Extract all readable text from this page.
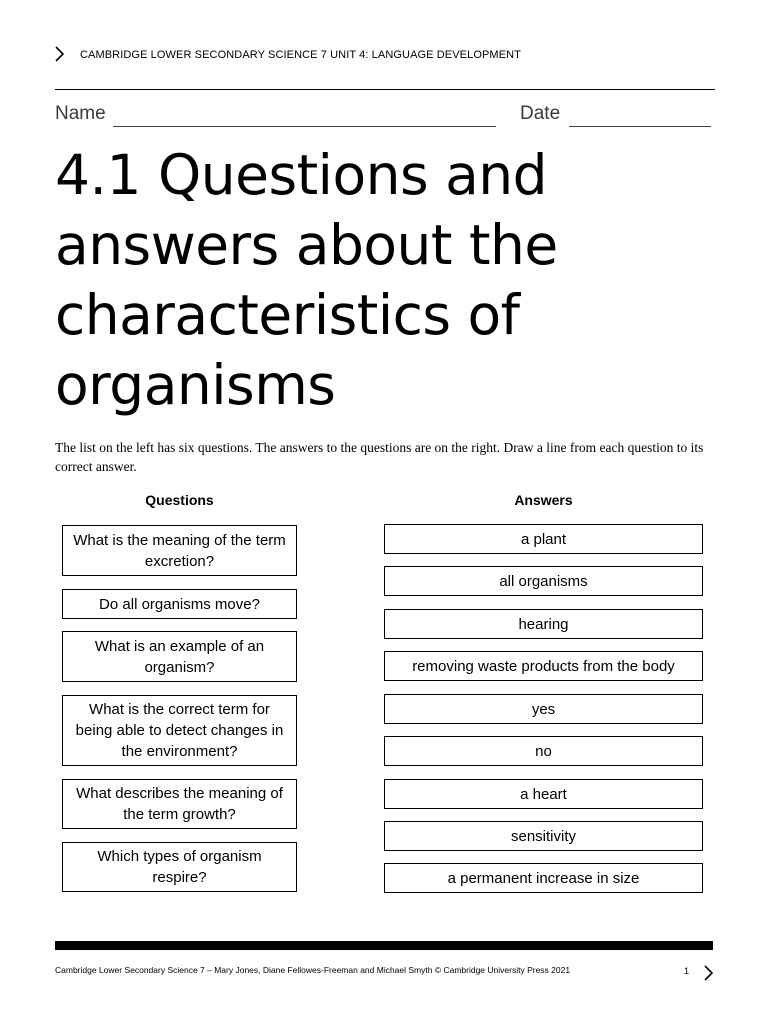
CAMBRIDGE LOWER SECONDARY SCIENCE 7 UNIT 4: LANGUAGE DEVELOPMENT
Name	Date
4.1 Questions and answers about the characteristics of organisms

The list on the left has six questions. The answers to the questions are on the right. Draw a line from each question to its correct answer.

Questions	Answers
What is the meaning of the term excretion?
Do all organisms move?
What is an example of an organism?
What is the correct term for being able to detect changes in the environment?
What describes the meaning of the term growth?
Which types of organism respire?
a plant
all organisms
hearing
removing waste products from the body
yes
no
a heart
sensitivity
a permanent increase in size
Cambridge Lower Secondary Science 7 – Mary Jones, Diane Fellowes-Freeman and Michael Smyth © Cambridge University Press 2021	1
